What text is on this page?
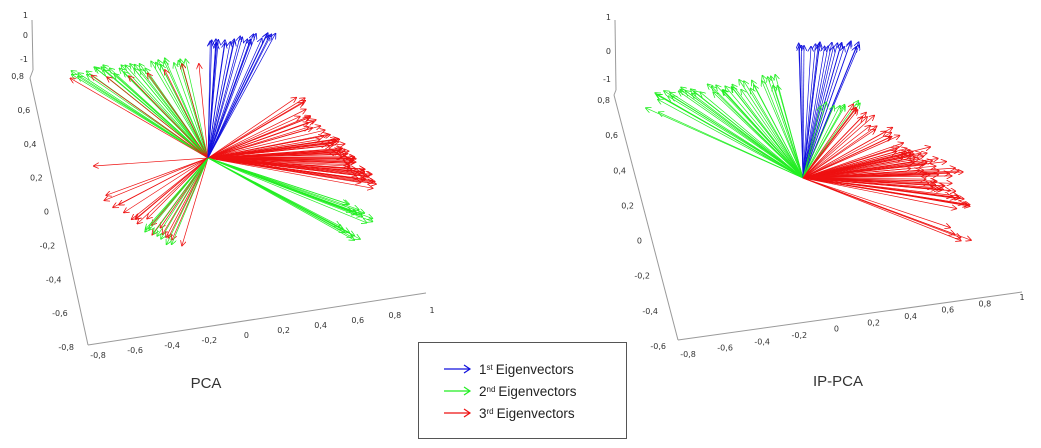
1
0
-1
0,8
0,6
0,4
0,2
0
-0,2
-0,4
-0,6
-0,8
-0,8
-0,6
-0,4
-0,2
0
0,2
0,4
0,6
0,8
1
PCA
1
0
-1
0,8
0,6
0,4
0,2
0
-0,2
-0,4
-0,6
-0,8
-0,6
-0,4
-0,2
0
0,2
0,4
0,6
0,8
1
IP-PCA
1st Eigenvectors
2nd Eigenvectors
3rd Eigenvectors
